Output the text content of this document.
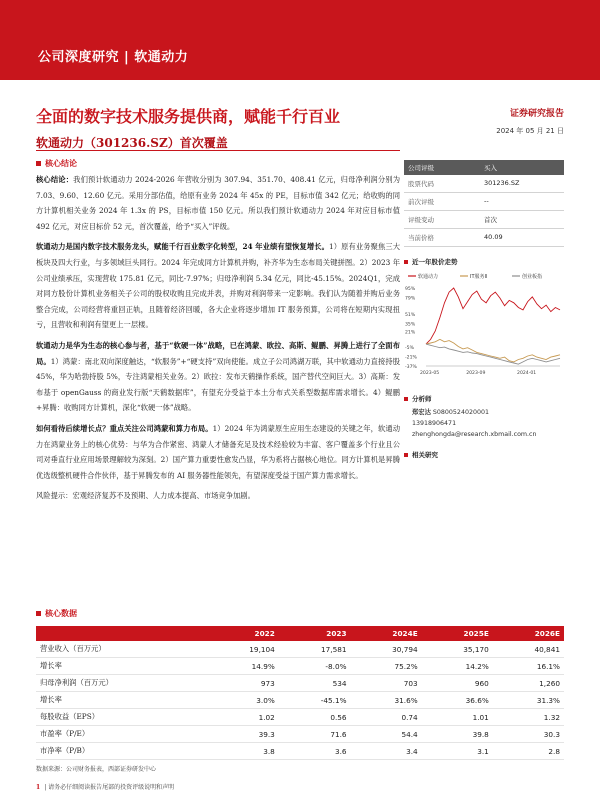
公司深度研究 | 软通动力
全面的数字技术服务提供商，赋能千行百业
软通动力（301236.SZ）首次覆盖
证券研究报告
2024 年 05 月 21 日
核心结论

核心结论：我们预计软通动力 2024-2026 年营收分别为 307.94、351.70、408.41 亿元，归母净利润分别为 7.03、9.60、12.60 亿元。采用分部估值，给原有业务 2024 年 45x 的 PE，目标市值 342 亿元；给收购的同方计算机相关业务 2024 年 1.3x 的 PS，目标市值 150 亿元。所以我们预计软通动力 2024 年对应目标市值 492 亿元，对应目标价 52 元，首次覆盖，给予“买入”评级。

软通动力是国内数字技术服务龙头，赋能千行百业数字化转型，24 年业绩有望恢复增长。1）原有业务聚焦三大板块及四大行业，与多领域巨头同行。2024 年完成同方计算机并购，补齐华为生态布局关键拼图。2）2023 年公司业绩承压，实现营收 175.81 亿元，同比-7.97%；归母净利润 5.34 亿元，同比-45.15%。2024Q1，完成对同方股份计算机业务相关子公司的股权收购且完成并表，并购对利润带来一定影响。我们认为随着并购后业务整合完成，公司经营将重回正轨，且随着经济回暖，各大企业将逐步增加 IT 服务预算，公司将在短期内实现扭亏，且营收和利润有望更上一层楼。

软通动力是华为生态的核心参与者，基于“软硬一体”战略，已在鸿蒙、欧拉、高斯、鲲鹏、昇腾上进行了全面布局。1）鸿蒙：南北双向深度触达，“软服务”+“硬支持”双向使能。成立子公司鸿湖万联，其中软通动力直接持股 45%，华为哈勃持股 5%，专注鸿蒙相关业务。2）欧拉：发布天鹤操作系统，国产替代空间巨大。3）高斯：发布基于 openGauss 的商业发行版“天鹤数据库”，有望充分受益于本土分布式关系型数据库需求增长。4）鲲鹏+昇腾：收购同方计算机，深化“软硬一体”战略。

如何看待后续增长点？重点关注公司鸿蒙和算力布局。1）2024 年为鸿蒙原生应用生态建设的关键之年，软通动力在鸿蒙业务上的核心优势：与华为合作紧密、鸿蒙人才储备充足及技术经验较为丰富、客户覆盖多个行业且公司对垂直行业应用场景理解较为深刻。2）国产算力重要性愈发凸显，华为系将占据核心地位。同方计算机是昇腾优选级整机硬件合作伙伴，基于昇腾发布的 AI 服务器性能领先，有望深度受益于国产算力需求增长。

风险提示：宏观经济复苏不及预期、人力成本提高、市场竞争加剧。

公司评级	买入
股票代码	301236.SZ
前次评级	--
评级变动	首次
当前价格	40.09
近一年股价走势
软通动力	IT服务Ⅱ	创业板指
95%
79%
51%
35%
21%
-5%
-21%
-37%
2023-05	2023-09	2024-01
分析师
郑宏达 S0800524020001
13918906471
zhenghongda@research.xbmail.com.cn
相关研究
核心数据
	2022	2023	2024E	2025E	2026E
营业收入（百万元）	19,104	17,581	30,794	35,170	40,841
增长率	14.9%	-8.0%	75.2%	14.2%	16.1%
归母净利润（百万元）	973	534	703	960	1,260
增长率	3.0%	-45.1%	31.6%	36.6%	31.3%
每股收益（EPS）	1.02	0.56	0.74	1.01	1.32
市盈率（P/E）	39.3	71.6	54.4	39.8	30.3
市净率（P/B）	3.8	3.6	3.4	3.1	2.8
数据来源：公司财务报表，西部证券研发中心
1 | 请务必仔细阅读报告尾部的投资评级说明和声明
